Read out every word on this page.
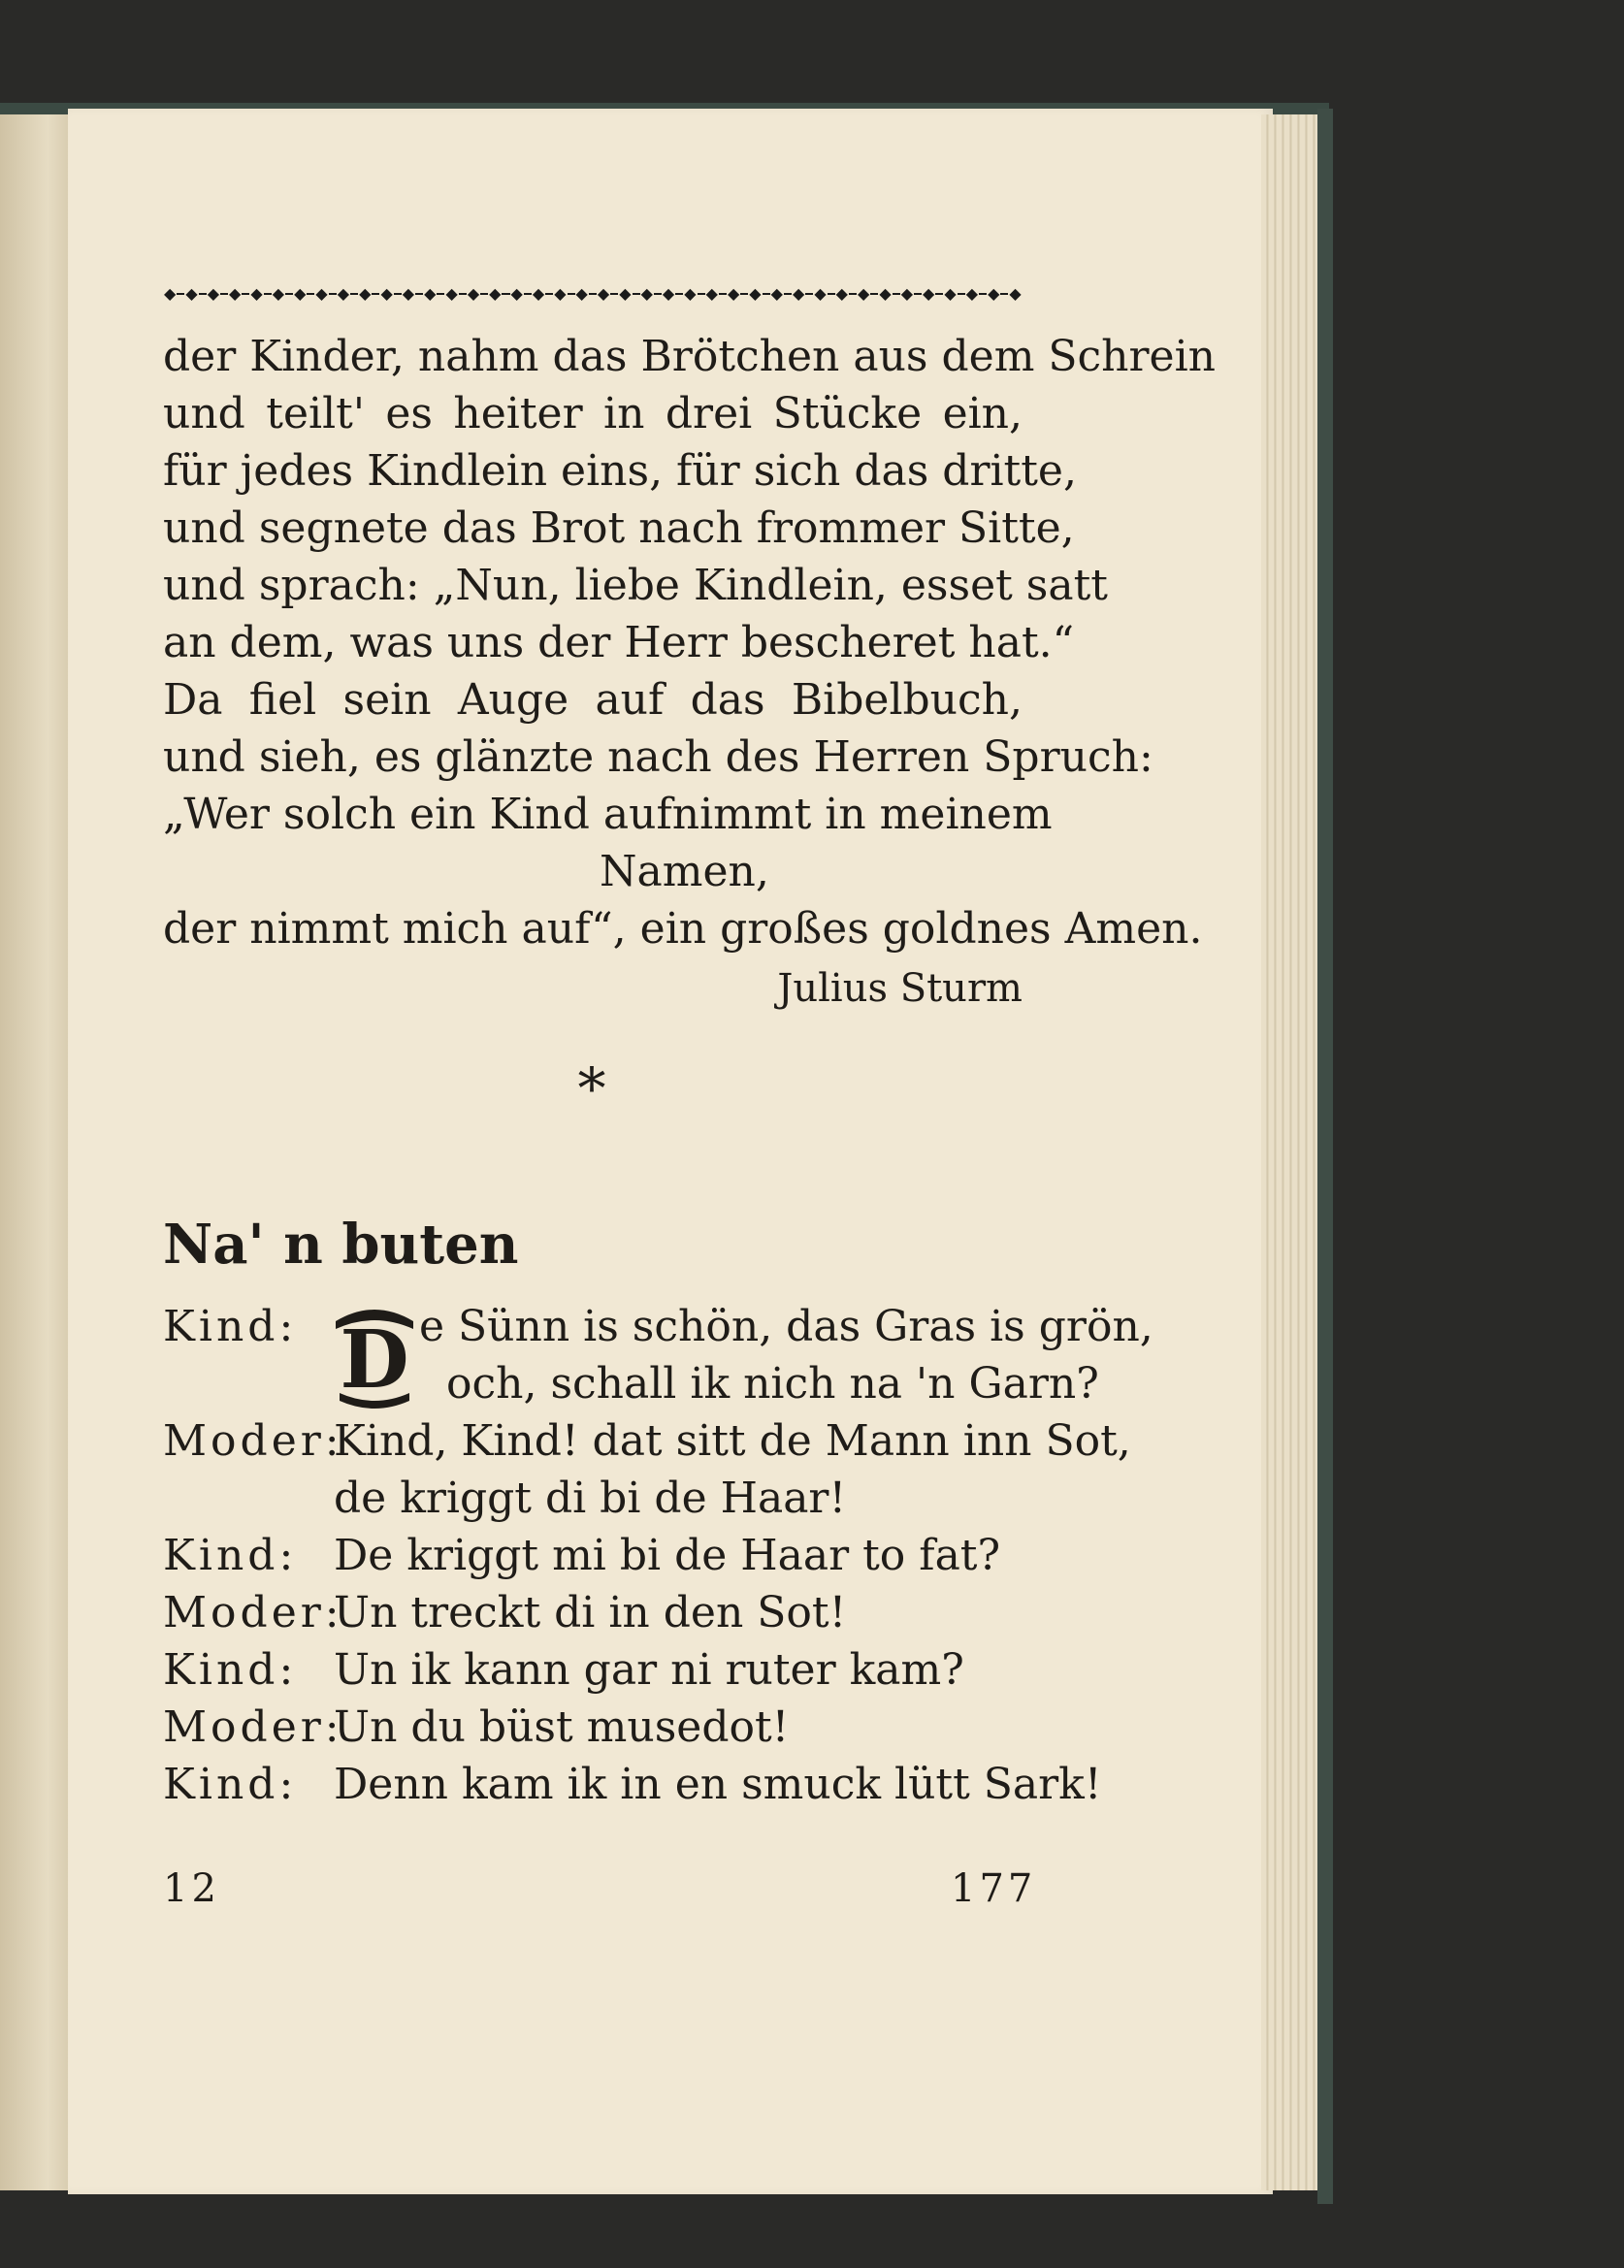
◆ ◆ ◆ ◆ ◆ ◆ ◆ ◆ ◆ ◆ ◆ ◆ ◆ ◆ ◆ ◆ ◆ ◆ ◆ ◆ ◆ ◆ ◆ ◆ ◆ ◆ ◆ ◆ ◆ ◆ ◆ ◆ ◆ ◆ ◆ ◆ ◆ ◆ ◆ ◆
der Kinder, nahm das Brötchen aus dem Schrein
und teilt' es heiter in drei Stücke ein,
für jedes Kindlein eins, für sich das dritte,
und segnete das Brot nach frommer Sitte,
und sprach: „Nun, liebe Kindlein, esset satt
an dem, was uns der Herr bescheret hat.“
Da fiel sein Auge auf das Bibelbuch,
und sieh, es glänzte nach des Herren Spruch:
„Wer solch ein Kind aufnimmt in meinem
Namen,
der nimmt mich auf“, ein großes goldnes Amen.
Julius Sturm
*
Na' n buten
Kind: D e Sünn is schön, das Gras is grön,
och, schall ik nich na 'n Garn?
Moder:
Kind, Kind! dat sitt de Mann inn Sot,
de kriggt di bi de Haar!
Kind: De kriggt mi bi de Haar to fat?
Moder:
Un treckt di in den Sot!
Kind: Un ik kann gar ni ruter kam?
Moder:
Un du büst musedot!
Kind: Denn kam ik in en smuck lütt Sark!
12	177
